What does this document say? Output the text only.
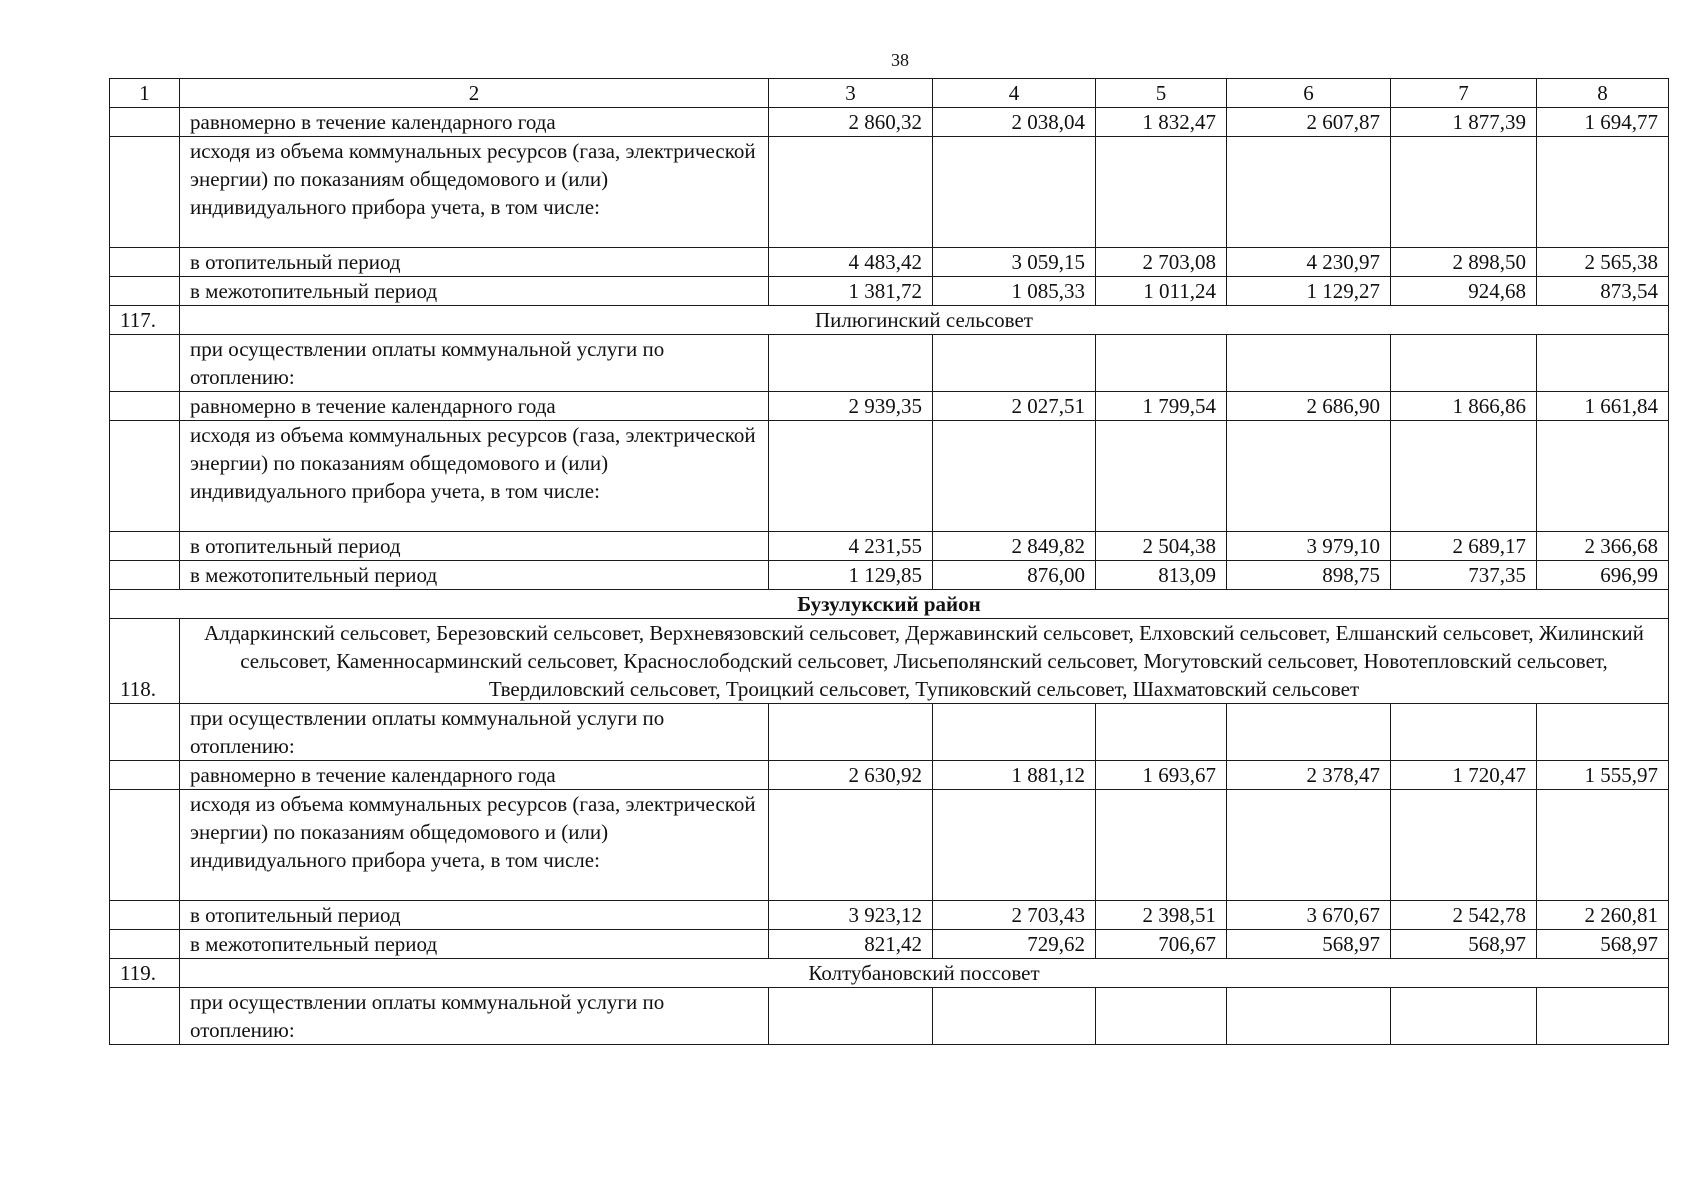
38
1	2	3	4	5	6	7	8
	равномерно в течение календарного года	2 860,32	2 038,04	1 832,47	2 607,87	1 877,39	1 694,77
	исходя из объема коммунальных ресурсов (газа, электрической энергии) по показаниям общедомового и (или) индивидуального прибора учета, в том числе:						
	в отопительный период	4 483,42	3 059,15	2 703,08	4 230,97	2 898,50	2 565,38
	в межотопительный период	1 381,72	1 085,33	1 011,24	1 129,27	924,68	873,54
117.	Пилюгинский сельсовет						
	при осуществлении оплаты коммунальной услуги по отоплению:						
	равномерно в течение календарного года	2 939,35	2 027,51	1 799,54	2 686,90	1 866,86	1 661,84
	исходя из объема коммунальных ресурсов (газа, электрической энергии) по показаниям общедомового и (или) индивидуального прибора учета, в том числе:						
	в отопительный период	4 231,55	2 849,82	2 504,38	3 979,10	2 689,17	2 366,68
	в межотопительный период	1 129,85	876,00	813,09	898,75	737,35	696,99
Бузулукский район							
118.	Алдаркинский сельсовет, Березовский сельсовет, Верхневязовский сельсовет, Державинский сельсовет, Елховский сельсовет, Елшанский сельсовет, Жилинский сельсовет, Каменносарминский сельсовет, Краснослободский сельсовет, Лисьеполянский сельсовет, Могутовский сельсовет, Новотепловский сельсовет, Твердиловский сельсовет, Троицкий сельсовет, Тупиковский сельсовет, Шахматовский сельсовет						
	при осуществлении оплаты коммунальной услуги по отоплению:						
	равномерно в течение календарного года	2 630,92	1 881,12	1 693,67	2 378,47	1 720,47	1 555,97
	исходя из объема коммунальных ресурсов (газа, электрической энергии) по показаниям общедомового и (или) индивидуального прибора учета, в том числе:						
	в отопительный период	3 923,12	2 703,43	2 398,51	3 670,67	2 542,78	2 260,81
	в межотопительный период	821,42	729,62	706,67	568,97	568,97	568,97
119.	Колтубановский поссовет						
	при осуществлении оплаты коммунальной услуги по отоплению:						
